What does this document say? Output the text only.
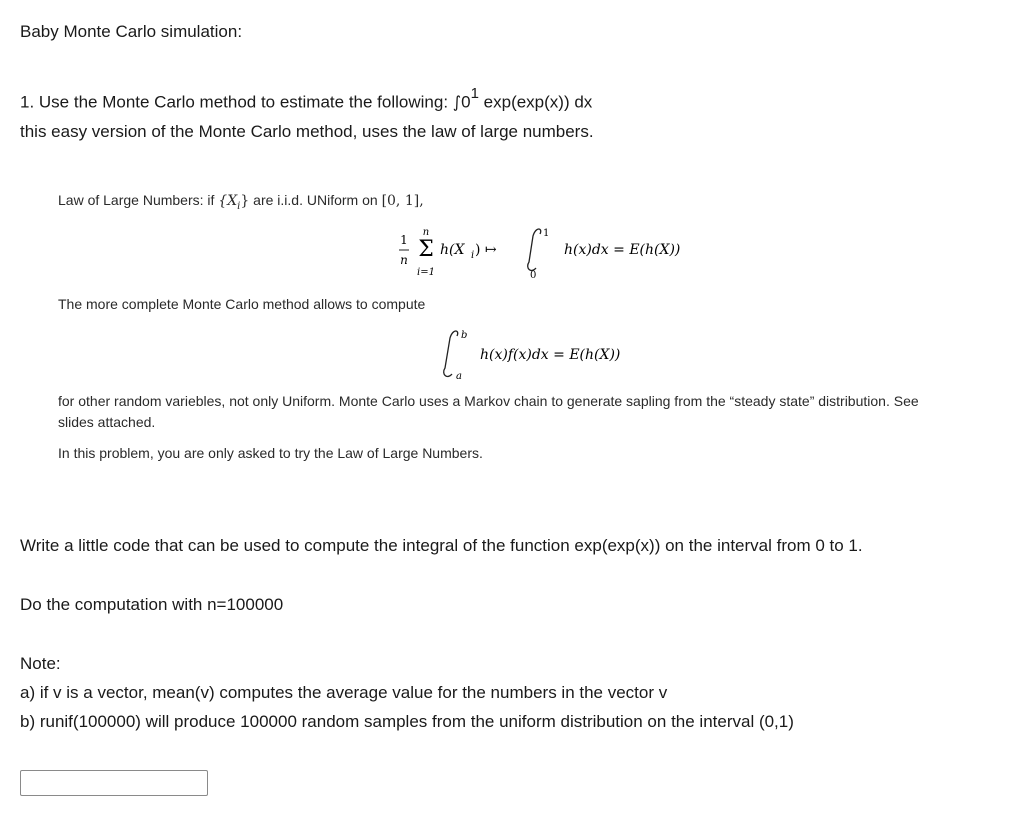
Baby Monte Carlo simulation:
1. Use the Monte Carlo method to estimate the following: $\int 0^1$ exp(exp(x)) dx
this easy version of the Monte Carlo method, uses the law of large numbers.
Law of Large Numbers: if $\{X_i\}$ are i.i.d. UNiform on [0, 1],
1
n
n
Σ
i=1
h(X i ) ↦
1
0
h(x)dx = E(h(X))
The more complete Monte Carlo method allows to compute
b
a
h(x)f(x)dx = E(h(X))
for other random variebles, not only Uniform. Monte Carlo uses a Markov chain to generate sapling from the “steady state” distribution. See
slides attached.
In this problem, you are only asked to try the Law of Large Numbers.
Write a little code that can be used to compute the integral of the function exp(exp(x)) on the interval from 0 to 1.
Do the computation with n=100000
Note:
a) if v is a vector, mean(v) computes the average value for the numbers in the vector v
b) runif(100000) will produce 100000 random samples from the uniform distribution on the interval (0,1)
